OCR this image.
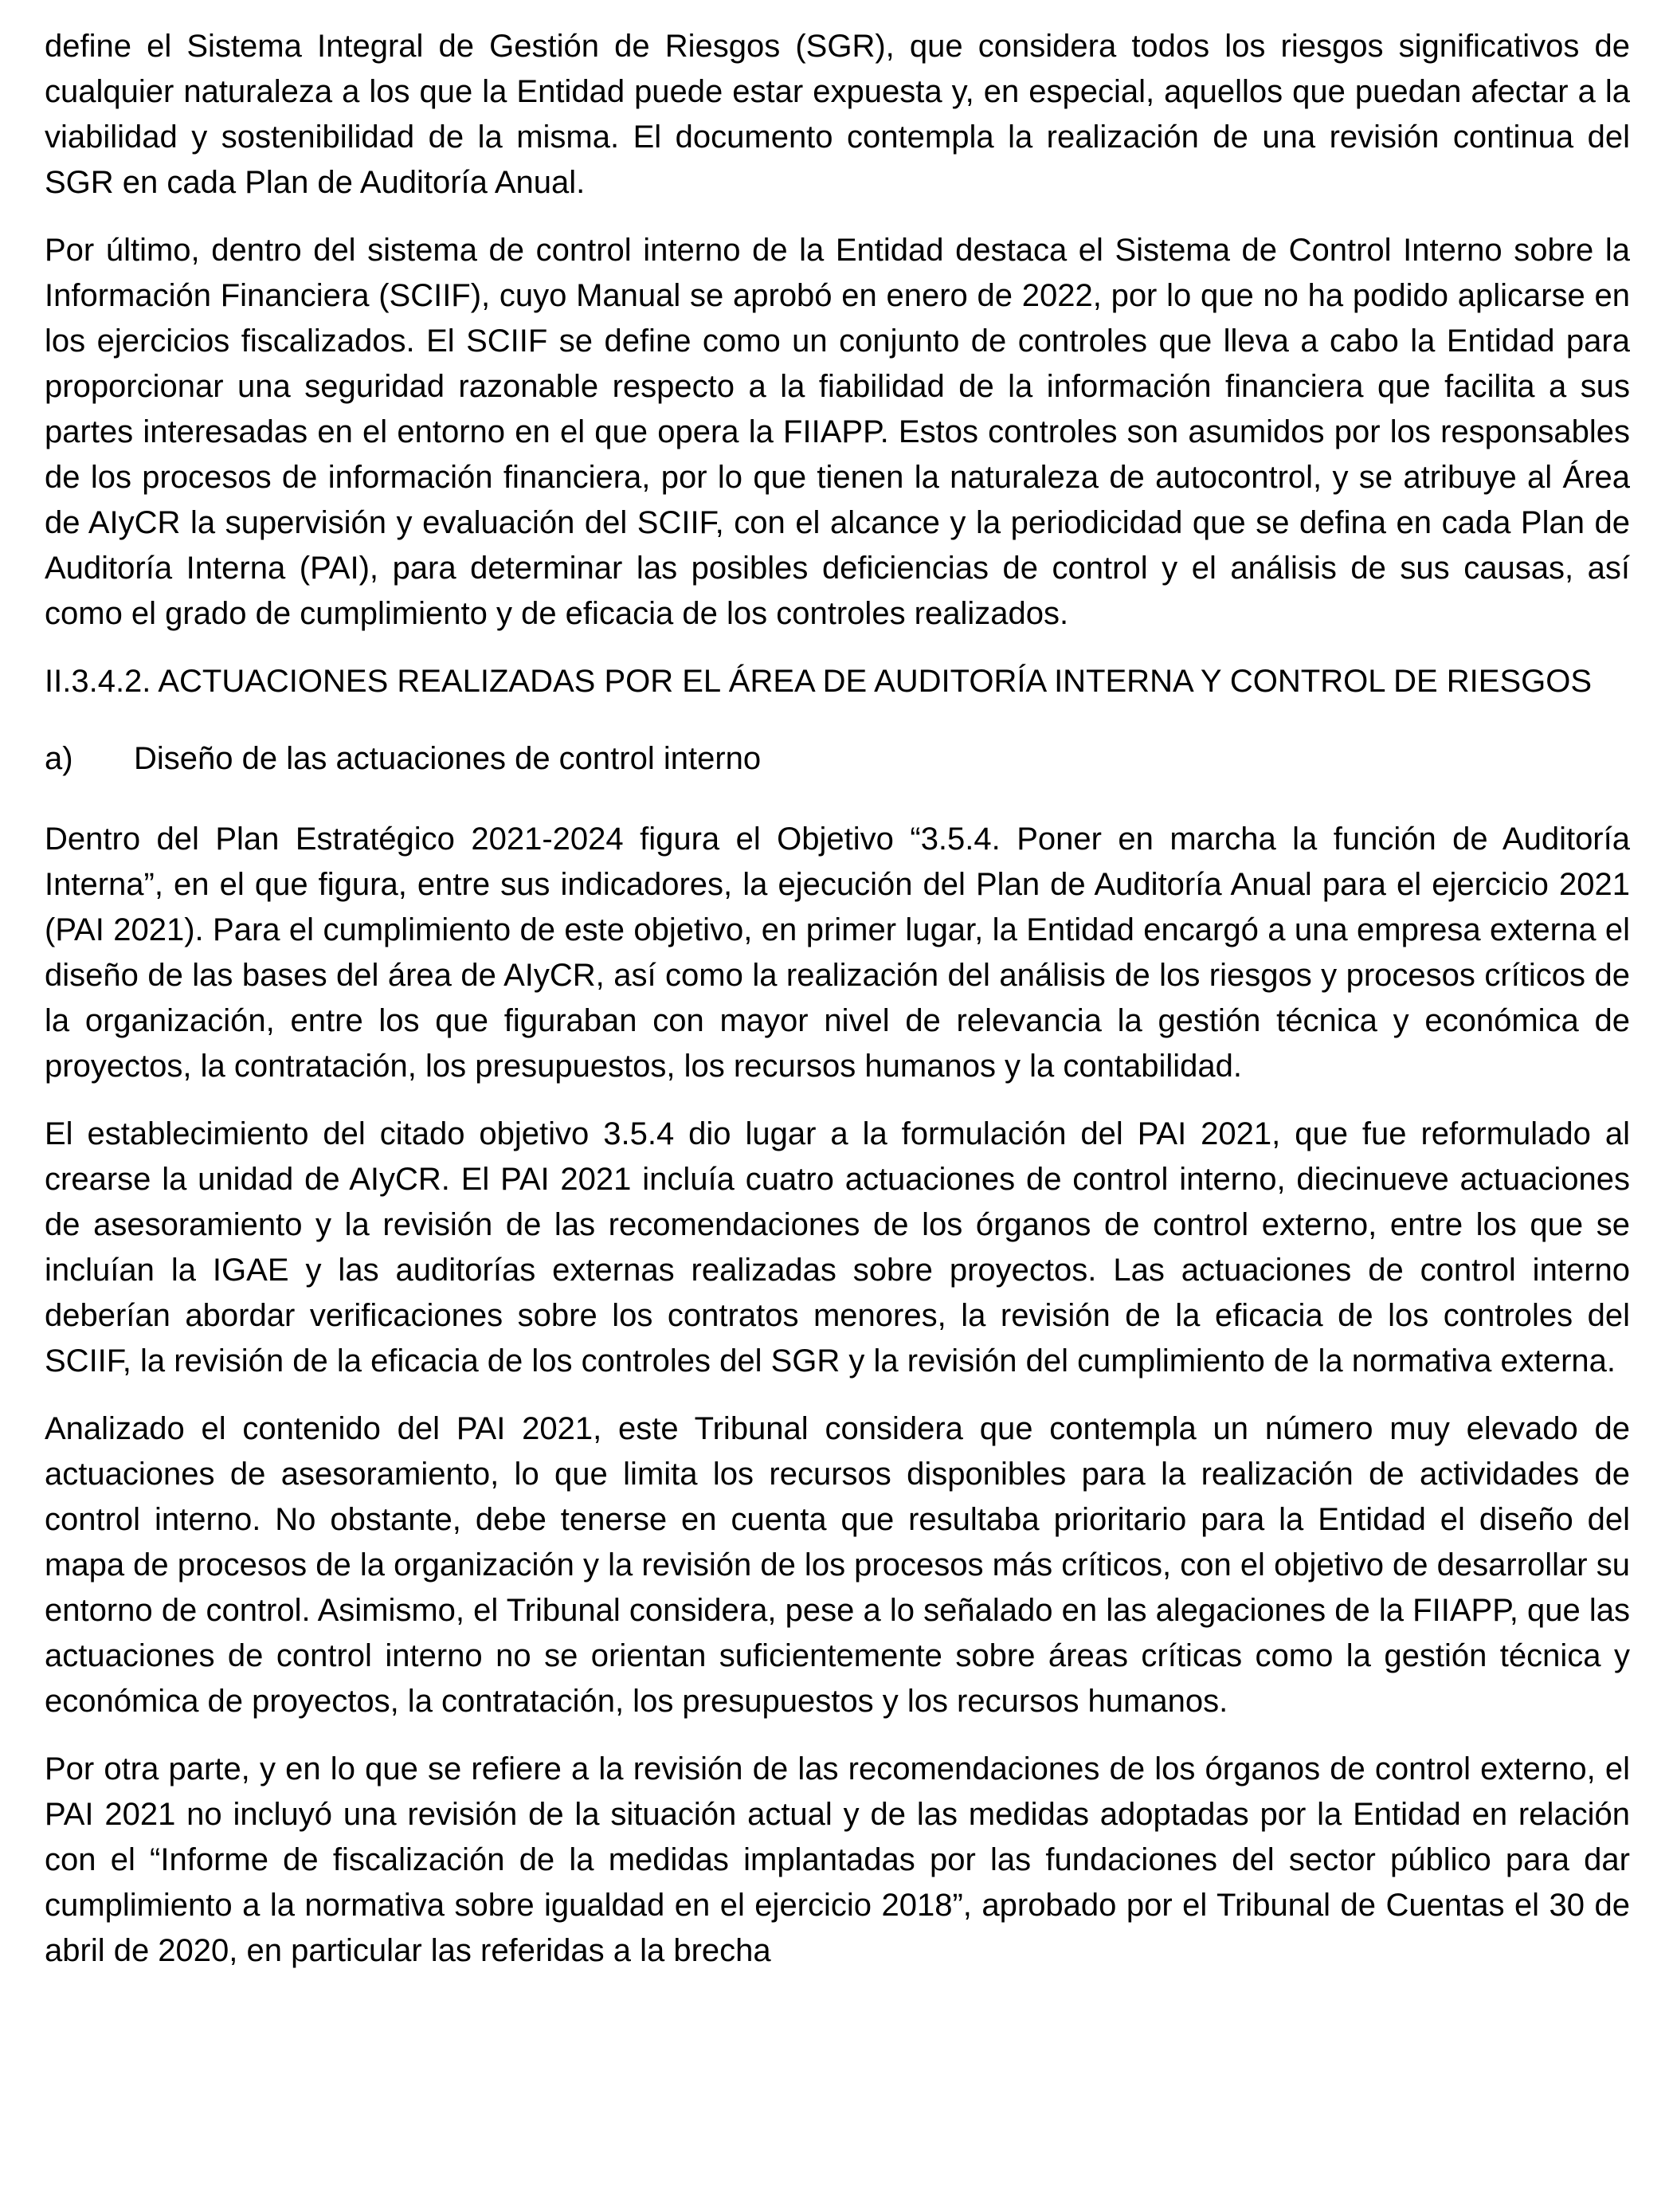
define el Sistema Integral de Gestión de Riesgos (SGR), que considera todos los riesgos significativos de cualquier naturaleza a los que la Entidad puede estar expuesta y, en especial, aquellos que puedan afectar a la viabilidad y sostenibilidad de la misma. El documento contempla la realización de una revisión continua del SGR en cada Plan de Auditoría Anual.

Por último, dentro del sistema de control interno de la Entidad destaca el Sistema de Control Interno sobre la Información Financiera (SCIIF), cuyo Manual se aprobó en enero de 2022, por lo que no ha podido aplicarse en los ejercicios fiscalizados. El SCIIF se define como un conjunto de controles que lleva a cabo la Entidad para proporcionar una seguridad razonable respecto a la fiabilidad de la información financiera que facilita a sus partes interesadas en el entorno en el que opera la FIIAPP. Estos controles son asumidos por los responsables de los procesos de información financiera, por lo que tienen la naturaleza de autocontrol, y se atribuye al Área de AIyCR la supervisión y evaluación del SCIIF, con el alcance y la periodicidad que se defina en cada Plan de Auditoría Interna (PAI), para determinar las posibles deficiencias de control y el análisis de sus causas, así como el grado de cumplimiento y de eficacia de los controles realizados.

II.3.4.2. ACTUACIONES REALIZADAS POR EL ÁREA DE AUDITORÍA INTERNA Y CONTROL DE RIESGOS
a) Diseño de las actuaciones de control interno

Dentro del Plan Estratégico 2021-2024 figura el Objetivo “3.5.4. Poner en marcha la función de Auditoría Interna”, en el que figura, entre sus indicadores, la ejecución del Plan de Auditoría Anual para el ejercicio 2021 (PAI 2021). Para el cumplimiento de este objetivo, en primer lugar, la Entidad encargó a una empresa externa el diseño de las bases del área de AIyCR, así como la realización del análisis de los riesgos y procesos críticos de la organización, entre los que figuraban con mayor nivel de relevancia la gestión técnica y económica de proyectos, la contratación, los presupuestos, los recursos humanos y la contabilidad.

El establecimiento del citado objetivo 3.5.4 dio lugar a la formulación del PAI 2021, que fue reformulado al crearse la unidad de AIyCR. El PAI 2021 incluía cuatro actuaciones de control interno, diecinueve actuaciones de asesoramiento y la revisión de las recomendaciones de los órganos de control externo, entre los que se incluían la IGAE y las auditorías externas realizadas sobre proyectos. Las actuaciones de control interno deberían abordar verificaciones sobre los contratos menores, la revisión de la eficacia de los controles del SCIIF, la revisión de la eficacia de los controles del SGR y la revisión del cumplimiento de la normativa externa.

Analizado el contenido del PAI 2021, este Tribunal considera que contempla un número muy elevado de actuaciones de asesoramiento, lo que limita los recursos disponibles para la realización de actividades de control interno. No obstante, debe tenerse en cuenta que resultaba prioritario para la Entidad el diseño del mapa de procesos de la organización y la revisión de los procesos más críticos, con el objetivo de desarrollar su entorno de control. Asimismo, el Tribunal considera, pese a lo señalado en las alegaciones de la FIIAPP, que las actuaciones de control interno no se orientan suficientemente sobre áreas críticas como la gestión técnica y económica de proyectos, la contratación, los presupuestos y los recursos humanos.

Por otra parte, y en lo que se refiere a la revisión de las recomendaciones de los órganos de control externo, el PAI 2021 no incluyó una revisión de la situación actual y de las medidas adoptadas por la Entidad en relación con el “Informe de fiscalización de la medidas implantadas por las fundaciones del sector público para dar cumplimiento a la normativa sobre igualdad en el ejercicio 2018”, aprobado por el Tribunal de Cuentas el 30 de abril de 2020, en particular las referidas a la brecha
